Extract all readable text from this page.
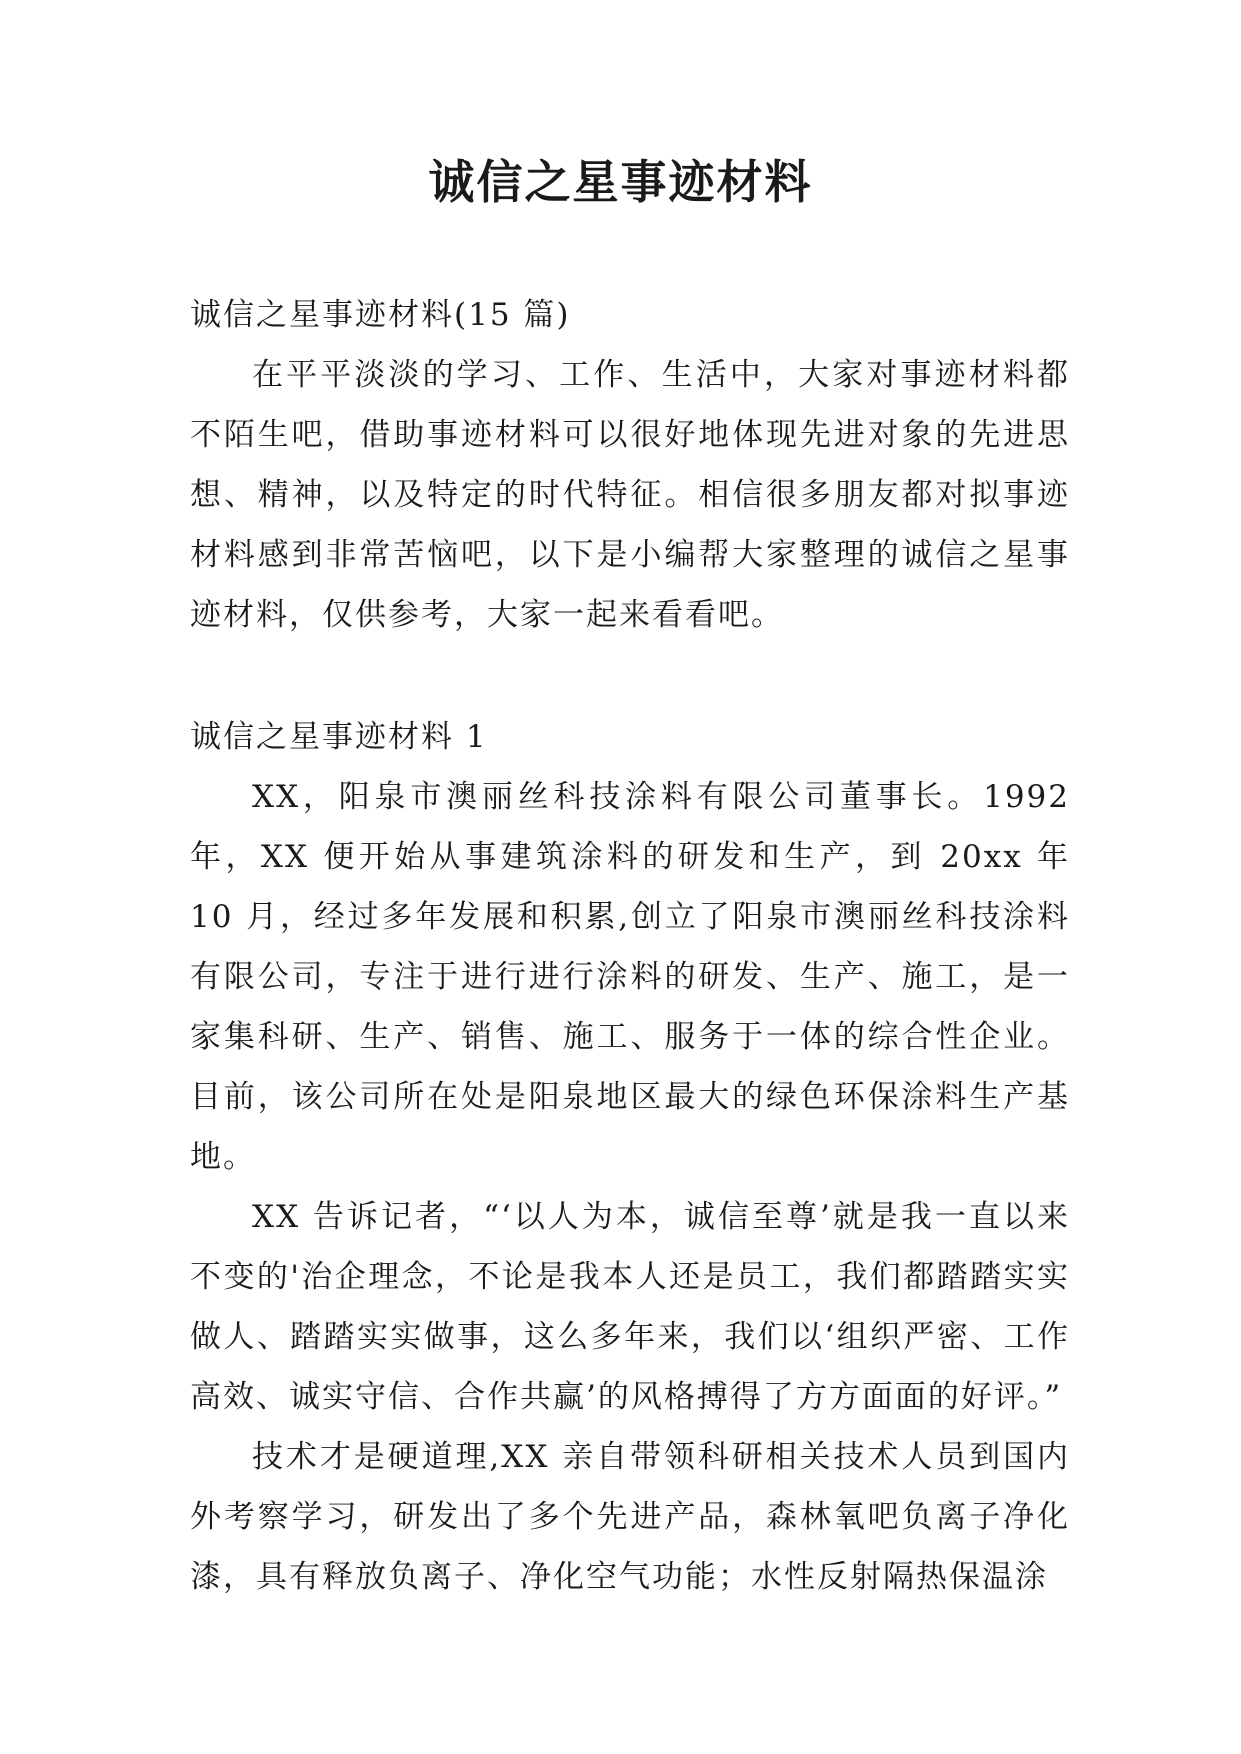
诚信之星事迹材料

诚信之星事迹材料(15 篇)

在平平淡淡的学习、工作、生活中，大家对事迹材料都不陌生吧，借助事迹材料可以很好地体现先进对象的先进思想、精神，以及特定的时代特征。相信很多朋友都对拟事迹材料感到非常苦恼吧，以下是小编帮大家整理的诚信之星事迹材料，仅供参考，大家一起来看看吧。

诚信之星事迹材料 1

XX，阳泉市澳丽丝科技涂料有限公司董事长。1992 年，XX 便开始从事建筑涂料的研发和生产，到 20xx 年 10 月，经过多年发展和积累,创立了阳泉市澳丽丝科技涂料有限公司，专注于进行进行涂料的研发、生产、施工，是一家集科研、生产、销售、施工、服务于一体的综合性企业。目前，该公司所在处是阳泉地区最大的绿色环保涂料生产基地。

XX 告诉记者，“‘以人为本，诚信至尊’就是我一直以来不变的'治企理念，不论是我本人还是员工，我们都踏踏实实做人、踏踏实实做事，这么多年来，我们以‘组织严密、工作高效、诚实守信、合作共赢’的风格搏得了方方面面的好评。”

技术才是硬道理,XX 亲自带领科研相关技术人员到国内外考察学习，研发出了多个先进产品，森林氧吧负离子净化漆，具有释放负离子、净化空气功能；水性反射隔热保温涂
